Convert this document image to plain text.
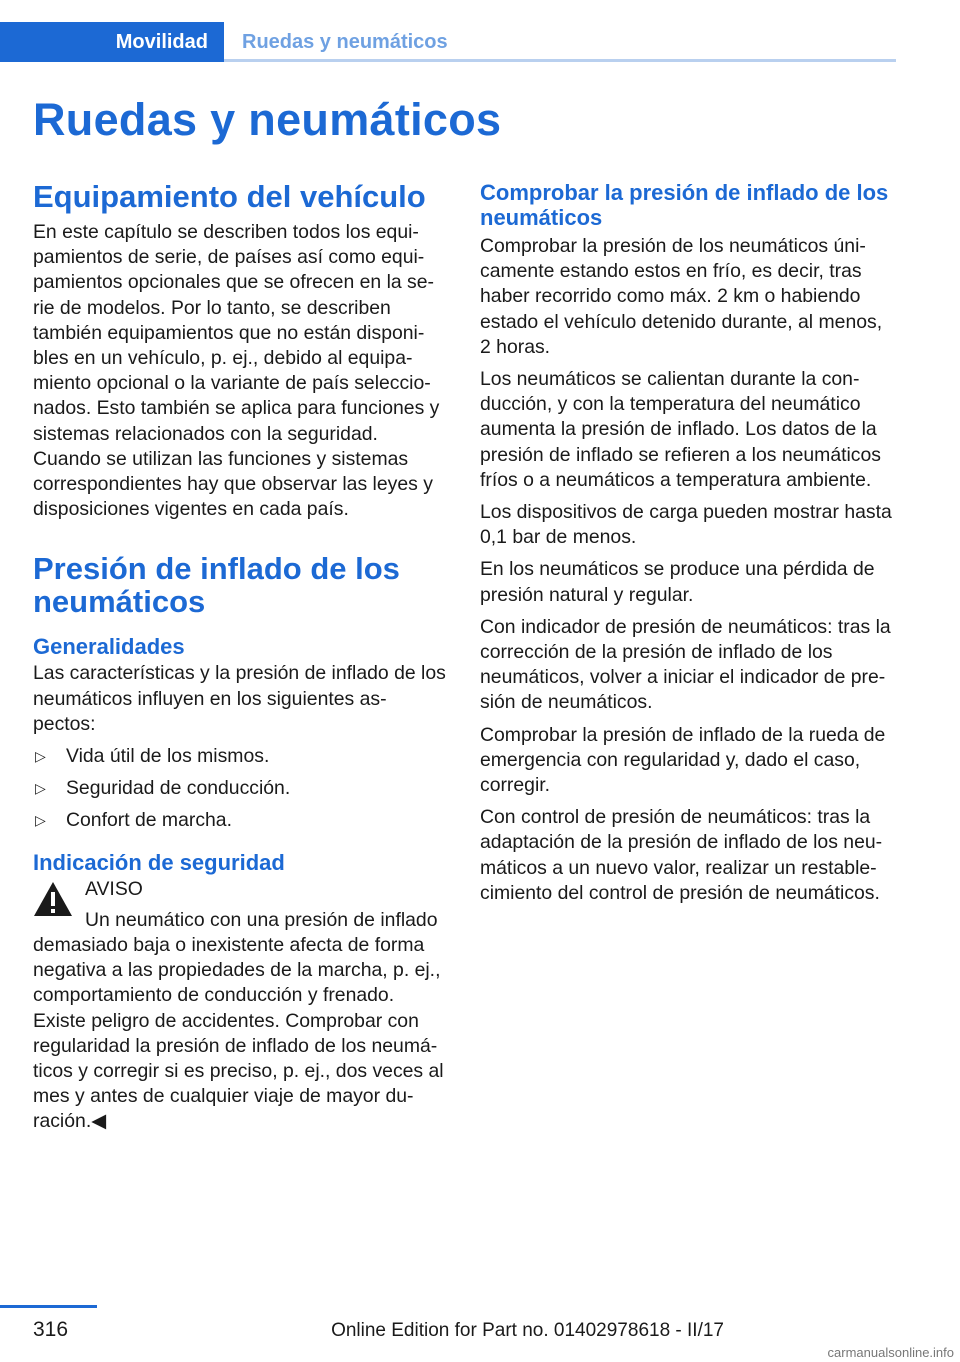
Movilidad	Ruedas y neumáticos
Ruedas y neumáticos
Equipamiento del vehículo

En este capítulo se describen todos los equi- pamientos de serie, de países así como equi- pamientos opcionales que se ofrecen en la se- rie de modelos. Por lo tanto, se describen también equipamientos que no están disponi- bles en un vehículo, p. ej., debido al equipa- miento opcional o la variante de país seleccio- nados. Esto también se aplica para funciones y sistemas relacionados con la seguridad. Cuando se utilizan las funciones y sistemas correspondientes hay que observar las leyes y disposiciones vigentes en cada país.

Presión de inflado de los neumáticos
Generalidades

Las características y la presión de inflado de los neumáticos influyen en los siguientes as- pectos:

▷ Vida útil de los mismos.
▷ Seguridad de conducción.
▷ Confort de marcha.
Indicación de seguridad
AVISO

Un neumático con una presión de inflado
demasiado baja o inexistente afecta de forma negativa a las propiedades de la marcha, p. ej., comportamiento de conducción y frenado. Existe peligro de accidentes. Comprobar con regularidad la presión de inflado de los neumá- ticos y corregir si es preciso, p. ej., dos veces al mes y antes de cualquier viaje de mayor du- ración.◀

Comprobar la presión de inflado de los neumáticos

Comprobar la presión de los neumáticos úni- camente estando estos en frío, es decir, tras haber recorrido como máx. 2 km o habiendo estado el vehículo detenido durante, al menos, 2 horas.

Los neumáticos se calientan durante la con- ducción, y con la temperatura del neumático aumenta la presión de inflado. Los datos de la presión de inflado se refieren a los neumáticos fríos o a neumáticos a temperatura ambiente.

Los dispositivos de carga pueden mostrar hasta 0,1 bar de menos.

En los neumáticos se produce una pérdida de presión natural y regular.

Con indicador de presión de neumáticos: tras la corrección de la presión de inflado de los neumáticos, volver a iniciar el indicador de pre- sión de neumáticos.

Comprobar la presión de inflado de la rueda de emergencia con regularidad y, dado el caso, corregir.

Con control de presión de neumáticos: tras la adaptación de la presión de inflado de los neu- máticos a un nuevo valor, realizar un restable- cimiento del control de presión de neumáticos.

316	Online Edition for Part no. 01402978618 - II/17
carmanualsonline.info
